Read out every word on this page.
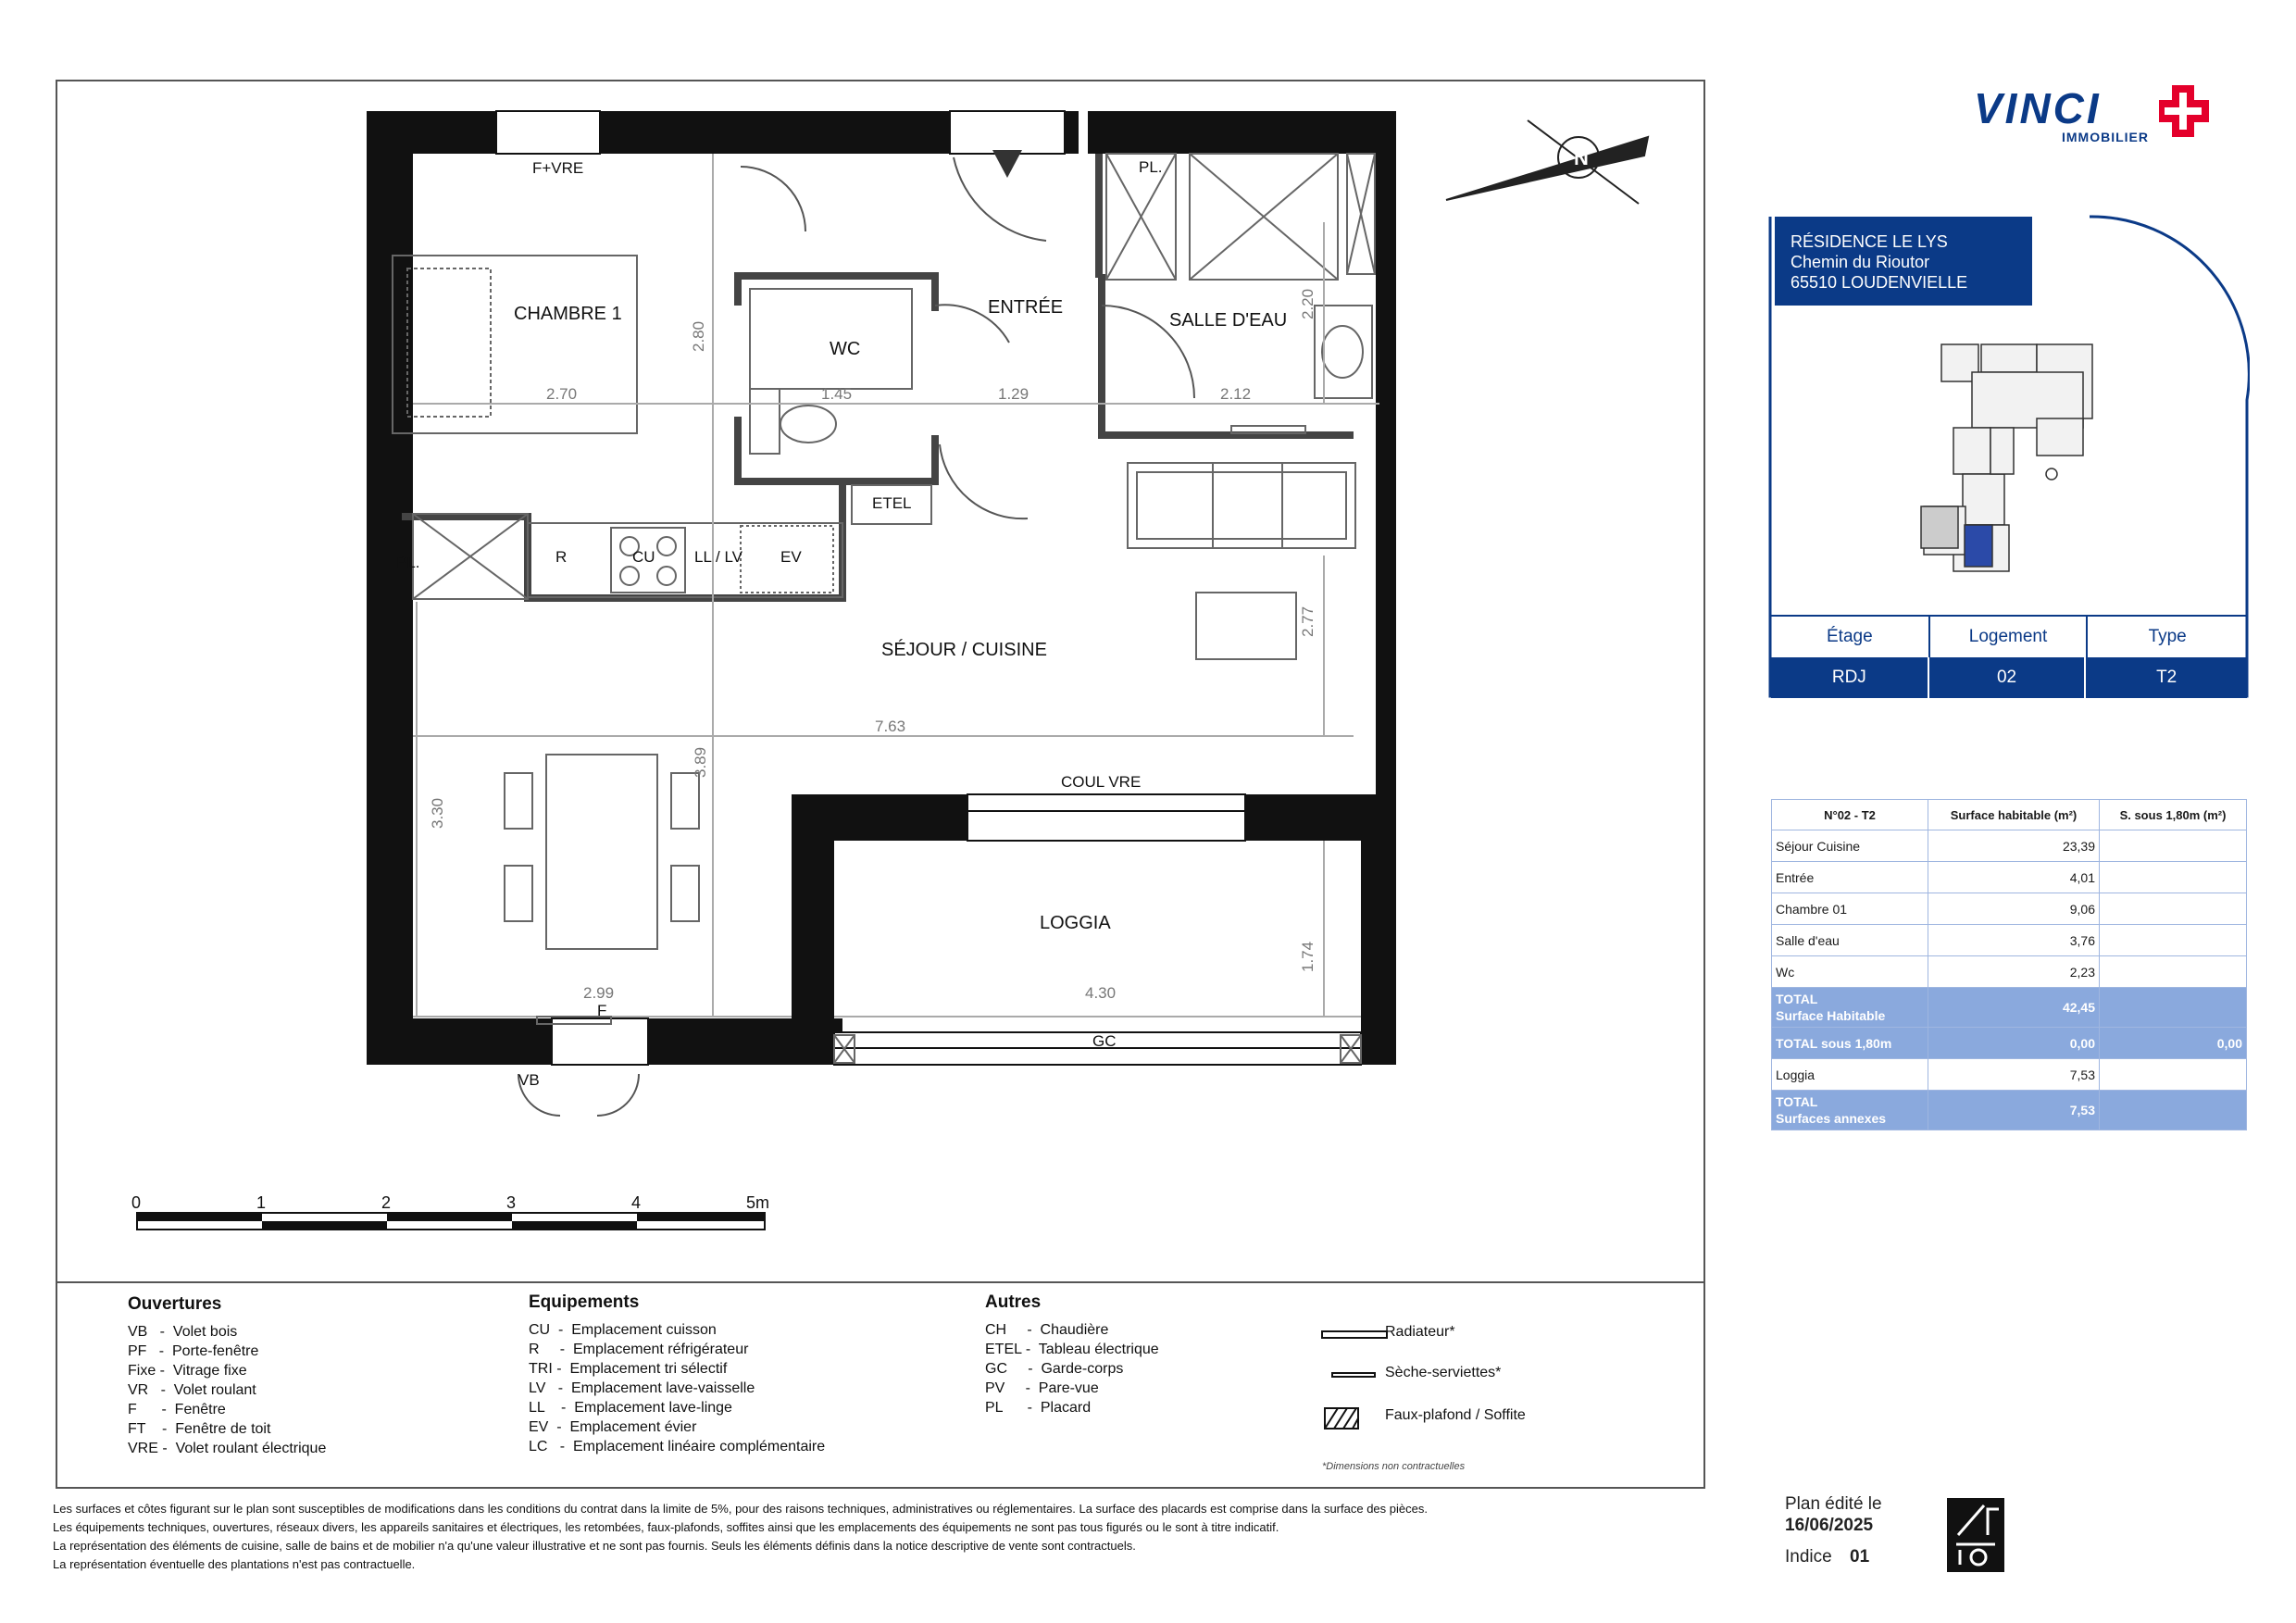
N
CHAMBRE 1
WC
ENTRÉE
SALLE D'EAU
SÉJOUR / CUISINE
LOGGIA
F+VRE	PL.
PL.
ETEL
R	CU LL / LV EV
COUL VRE
GC
F
VB
2.70
2.80
1.45	1.29	2.12
2.20
2.77
7.63
3.89
3.30
2.99	4.30
1.74
0	1	2	3	4	5m
Ouvertures
VB   -  Volet bois
PF   -  Porte-fenêtre
Fixe -  Vitrage fixe
VR   -  Volet roulant
F      -  Fenêtre
FT    -  Fenêtre de toit
VRE -  Volet roulant électrique
Equipements
CU  -  Emplacement cuisson
R     -  Emplacement réfrigérateur
TRI -  Emplacement tri sélectif
LV   -  Emplacement lave-vaisselle
LL    -  Emplacement lave-linge
EV  -  Emplacement évier
LC   -  Emplacement linéaire complémentaire
Autres
CH     -  Chaudière
ETEL -  Tableau électrique
GC     -  Garde-corps
PV     -  Pare-vue
PL      -  Placard
Radiateur*
Sèche-serviettes*
Faux-plafond / Soffite
*Dimensions non contractuelles
Les surfaces et côtes figurant sur le plan sont susceptibles de modifications dans les conditions du contrat dans la limite de 5%, pour des raisons techniques, administratives ou réglementaires. La surface des placards est comprise dans la surface des pièces.
Les équipements techniques, ouvertures, réseaux divers, les appareils sanitaires et électriques, les retombées, faux-plafonds, soffites ainsi que les emplacements des équipements ne sont pas tous figurés ou le sont à titre indicatif.
La représentation des éléments de cuisine, salle de bains et de mobilier n'a qu'une valeur illustrative et ne sont pas fournis. Seuls les éléments définis dans la notice descriptive de vente sont contractuels.
La représentation éventuelle des plantations n'est pas contractuelle.
VINCI
IMMOBILIER
RÉSIDENCE LE LYS
Chemin du Rioutor
65510 LOUDENVIELLE
Étage	Logement	Type
RDJ	02	T2
N°02 - T2	Surface habitable (m²)	S. sous 1,80m (m²)
Séjour Cuisine	23,39	
Entrée	4,01	
Chambre 01	9,06	
Salle d'eau	3,76	
Wc	2,23	

TOTAL
Surface Habitable	42,45	
TOTAL sous 1,80m	0,00	0,00
Loggia	7,53	

TOTAL
Surfaces annexes	7,53	
Plan édité le
16/06/2025
Indice 01
